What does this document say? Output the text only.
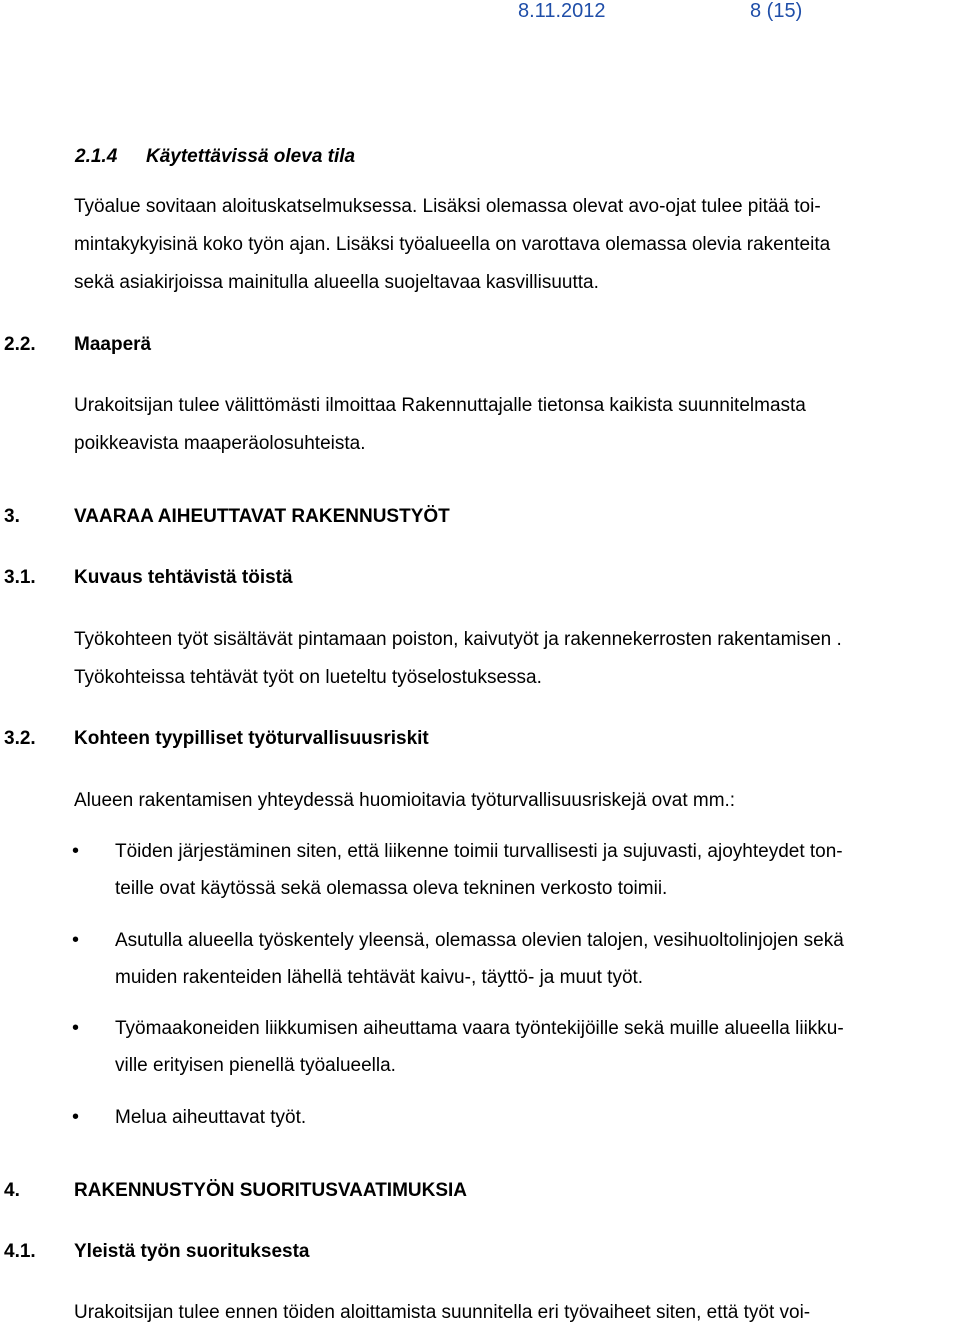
8.11.2012	8 (15)
2.1.4 Käytettävissä oleva tila
Työalue sovitaan aloituskatselmuksessa. Lisäksi olemassa olevat avo-ojat tulee pitää toi-
mintakykyisinä koko työn ajan. Lisäksi työalueella on varottava olemassa olevia rakenteita
sekä asiakirjoissa mainitulla alueella suojeltavaa kasvillisuutta.
2.2. Maaperä
Urakoitsijan tulee välittömästi ilmoittaa Rakennuttajalle tietonsa kaikista suunnitelmasta
poikkeavista maaperäolosuhteista.
3.	VAARAA AIHEUTTAVAT RAKENNUSTYÖT
3.1. Kuvaus tehtävistä töistä
Työkohteen työt sisältävät pintamaan poiston, kaivutyöt ja rakennekerrosten rakentamisen .
Työkohteissa tehtävät työt on lueteltu työselostuksessa.
3.2. Kohteen tyypilliset työturvallisuusriskit
Alueen rakentamisen yhteydessä huomioitavia työturvallisuusriskejä ovat mm.:
• Töiden järjestäminen siten, että liikenne toimii turvallisesti ja sujuvasti, ajoyhteydet ton-
teille ovat käytössä sekä olemassa oleva tekninen verkosto toimii.
• Asutulla alueella työskentely yleensä, olemassa olevien talojen, vesihuoltolinjojen sekä
muiden rakenteiden lähellä tehtävät kaivu-, täyttö- ja muut työt.
• Työmaakoneiden liikkumisen aiheuttama vaara työntekijöille sekä muille alueella liikku-
ville erityisen pienellä työalueella.
• Melua aiheuttavat työt.
4.	RAKENNUSTYÖN SUORITUSVAATIMUKSIA
4.1. Yleistä työn suorituksesta
Urakoitsijan tulee ennen töiden aloittamista suunnitella eri työvaiheet siten, että työt voi-
